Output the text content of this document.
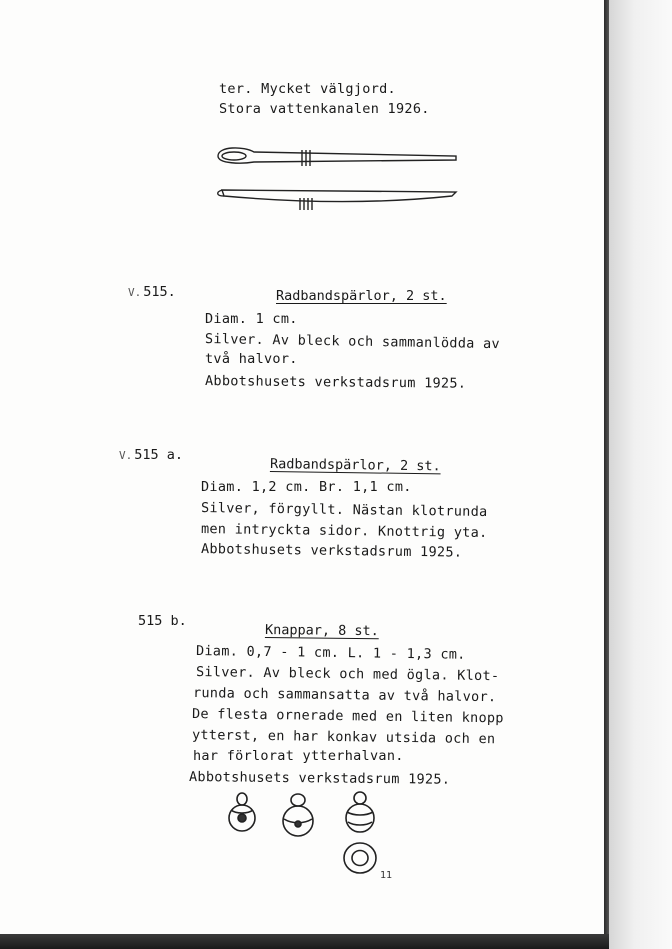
ter. Mycket välgjord.
Stora vattenkanalen 1926.
V. 515.	Radbandspärlor, 2 st.
Diam. 1 cm.
Silver. Av bleck och sammanlödda av
två halvor.
Abbotshusets verkstadsrum 1925.
V. 515 a.
Radbandspärlor, 2 st.
Diam. 1,2 cm. Br. 1,1 cm.
Silver, förgyllt. Nästan klotrunda
men intryckta sidor. Knottrig yta.
Abbotshusets verkstadsrum 1925.
515 b.
Knappar, 8 st.
Diam. 0,7 - 1 cm. L. 1 - 1,3 cm.
Silver. Av bleck och med ögla. Klot-
runda och sammansatta av två halvor.
De flesta ornerade med en liten knopp
ytterst, en har konkav utsida och en
har förlorat ytterhalvan.
Abbotshusets verkstadsrum 1925.
11
